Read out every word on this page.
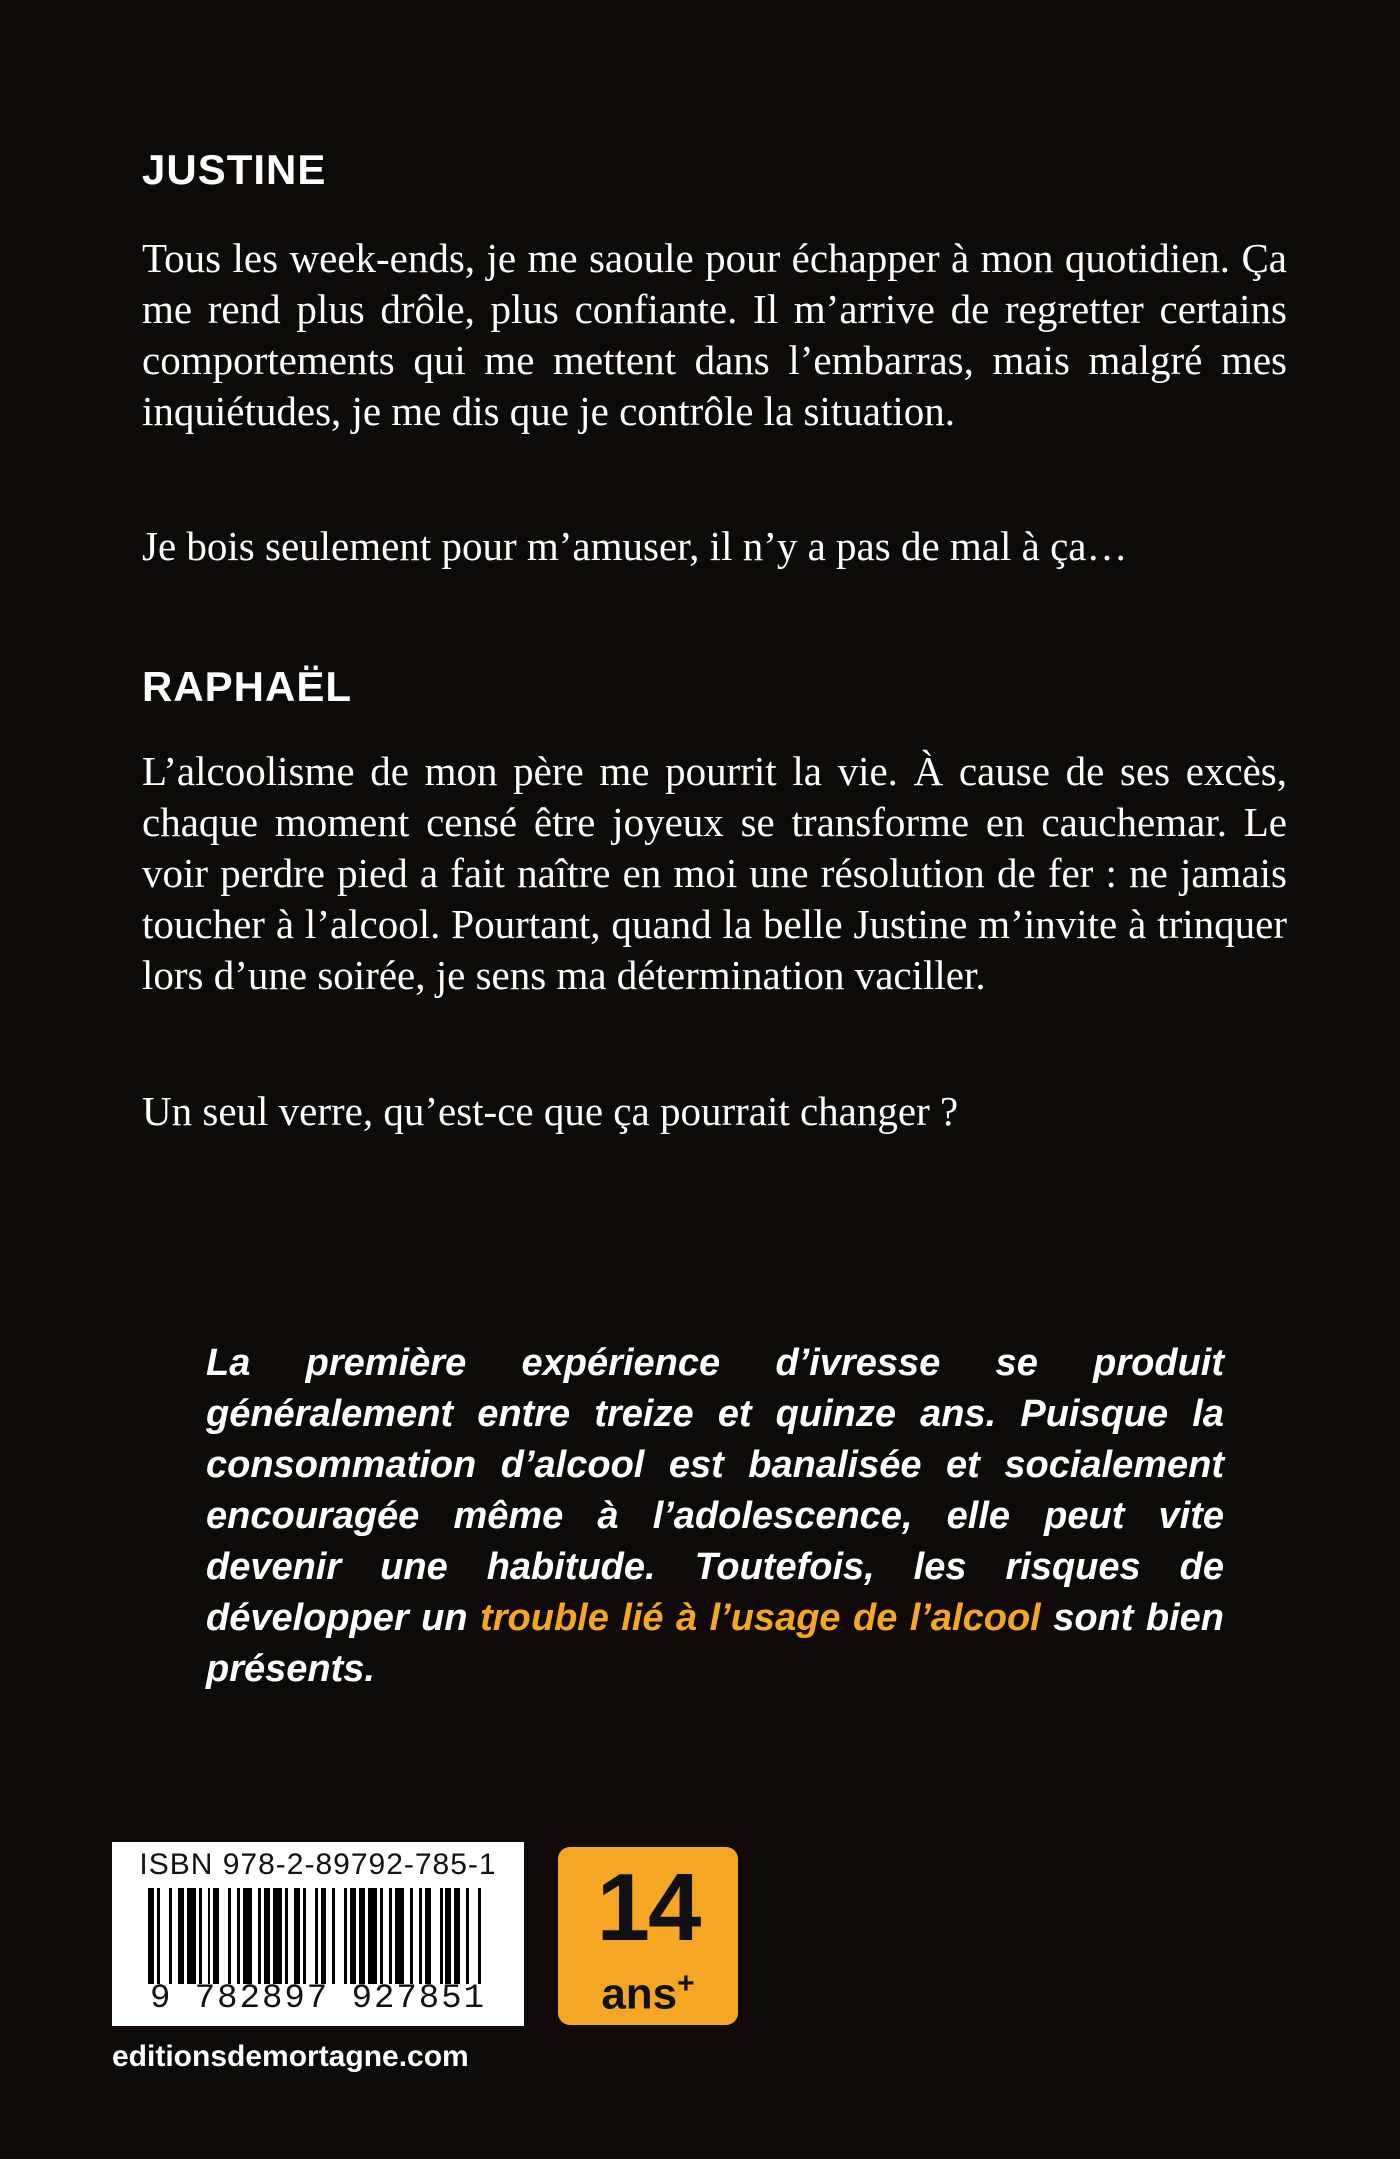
JUSTINE

Tous les week-ends, je me saoule pour échapper à mon quotidien. Ça me rend plus drôle, plus confiante. Il m’arrive de regretter certains comportements qui me mettent dans l’embarras, mais malgré mes inquiétudes, je me dis que je contrôle la situation.

Je bois seulement pour m’amuser, il n’y a pas de mal à ça…

RAPHAËL

L’alcoolisme de mon père me pourrit la vie. À cause de ses excès, chaque moment censé être joyeux se transforme en cauchemar. Le voir perdre pied a fait naître en moi une résolution de fer : ne jamais toucher à l’alcool. Pourtant, quand la belle Justine m’invite à trinquer lors d’une soirée, je sens ma détermination vaciller.

Un seul verre, qu’est-ce que ça pourrait changer ?

La première expérience d’ivresse se produit généralement entre treize et quinze ans. Puisque la consommation d’alcool est banalisée et socialement encouragée même à l’adolescence, elle peut vite devenir une habitude. Toutefois, les risques de développer un trouble lié à l’usage de l’alcool sont bien présents.

ISBN 978-2-89792-785-1
9 782897 927851
14
ans+

editionsdemortagne.com
